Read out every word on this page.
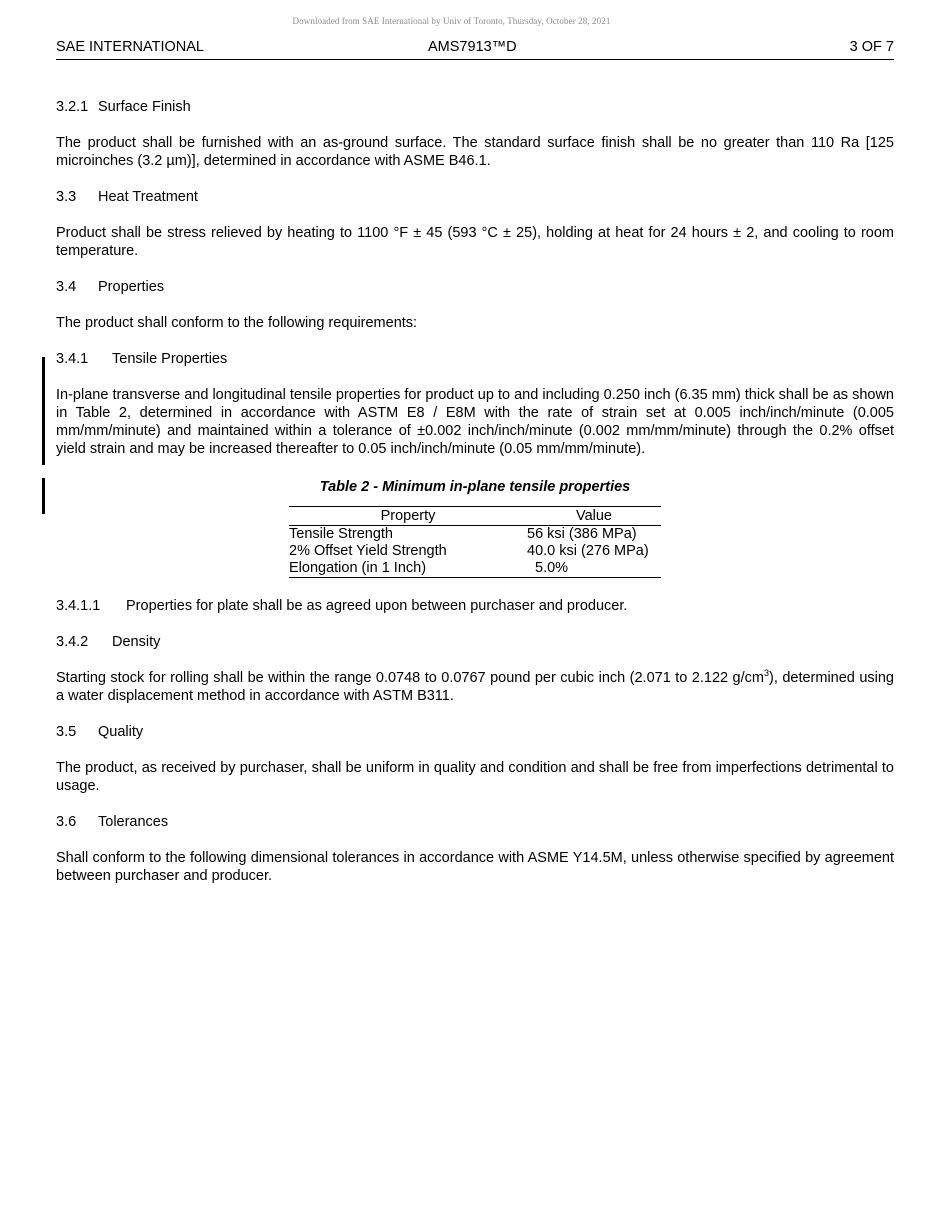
Downloaded from SAE International by Univ of Toronto, Thursday, October 28, 2021
SAE INTERNATIONAL	AMS7913™D	3 OF 7

3.2.1 Surface Finish

The product shall be furnished with an as-ground surface. The standard surface finish shall be no greater than 110 Ra [125 microinches (3.2 µm)], determined in accordance with ASME B46.1.

3.3 Heat Treatment

Product shall be stress relieved by heating to 1100 °F ± 45 (593 °C ± 25), holding at heat for 24 hours ± 2, and cooling to room temperature.

3.4 Properties

The product shall conform to the following requirements:

3.4.1 Tensile Properties

In-plane transverse and longitudinal tensile properties for product up to and including 0.250 inch (6.35 mm) thick shall be as shown in Table 2, determined in accordance with ASTM E8 / E8M with the rate of strain set at 0.005 inch/inch/minute (0.005 mm/mm/minute) and maintained within a tolerance of ±0.002 inch/inch/minute (0.002 mm/mm/minute) through the 0.2% offset yield strain and may be increased thereafter to 0.05 inch/inch/minute (0.05 mm/mm/minute).

Table 2 - Minimum in-plane tensile properties

Property	Value
Tensile Strength	56 ksi (386 MPa)
2% Offset Yield Strength	40.0 ksi (276 MPa)
Elongation (in 1 Inch)	5.0%

3.4.1.1 Properties for plate shall be as agreed upon between purchaser and producer.

3.4.2 Density

Starting stock for rolling shall be within the range 0.0748 to 0.0767 pound per cubic inch (2.071 to 2.122 $g/cm^3$), determined using a water displacement method in accordance with ASTM B311.

3.5 Quality

The product, as received by purchaser, shall be uniform in quality and condition and shall be free from imperfections detrimental to usage.

3.6 Tolerances

Shall conform to the following dimensional tolerances in accordance with ASME Y14.5M, unless otherwise specified by agreement between purchaser and producer.
